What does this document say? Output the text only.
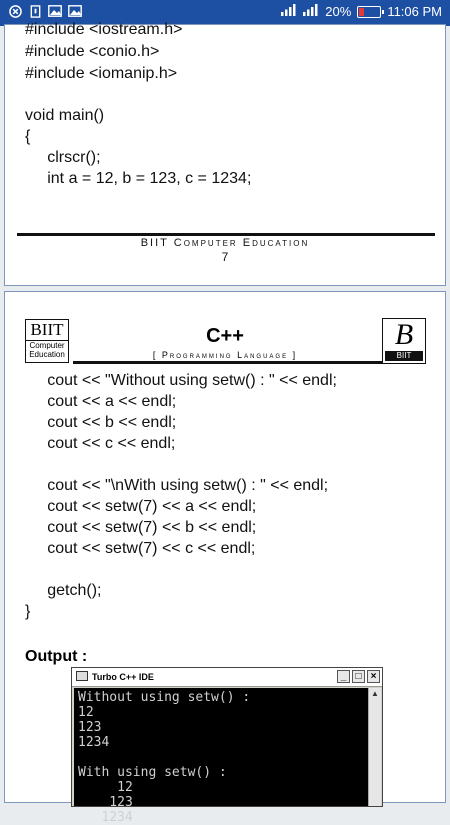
20%	11:06 PM

#include <iostream.h>

#include <conio.h>

#include <iomanip.h>

void main()

{

clrscr();

int a = 12, b = 123, c = 1234;

BIIT Computer Education
7
BIIT
Computer
Education
C++
[ Programming Language ]
B
BIIT

cout << "Without using setw() : " << endl;

cout << a << endl;

cout << b << endl;

cout << c << endl;

cout << "\nWith using setw() : " << endl;

cout << setw(7) << a << endl;

cout << setw(7) << b << endl;

cout << setw(7) << c << endl;

getch();

}

Output :
Turbo C++ IDE	_ □ ×
Without using setw() :
12
123
1234

With using setw() :
12
123
1234
▲
